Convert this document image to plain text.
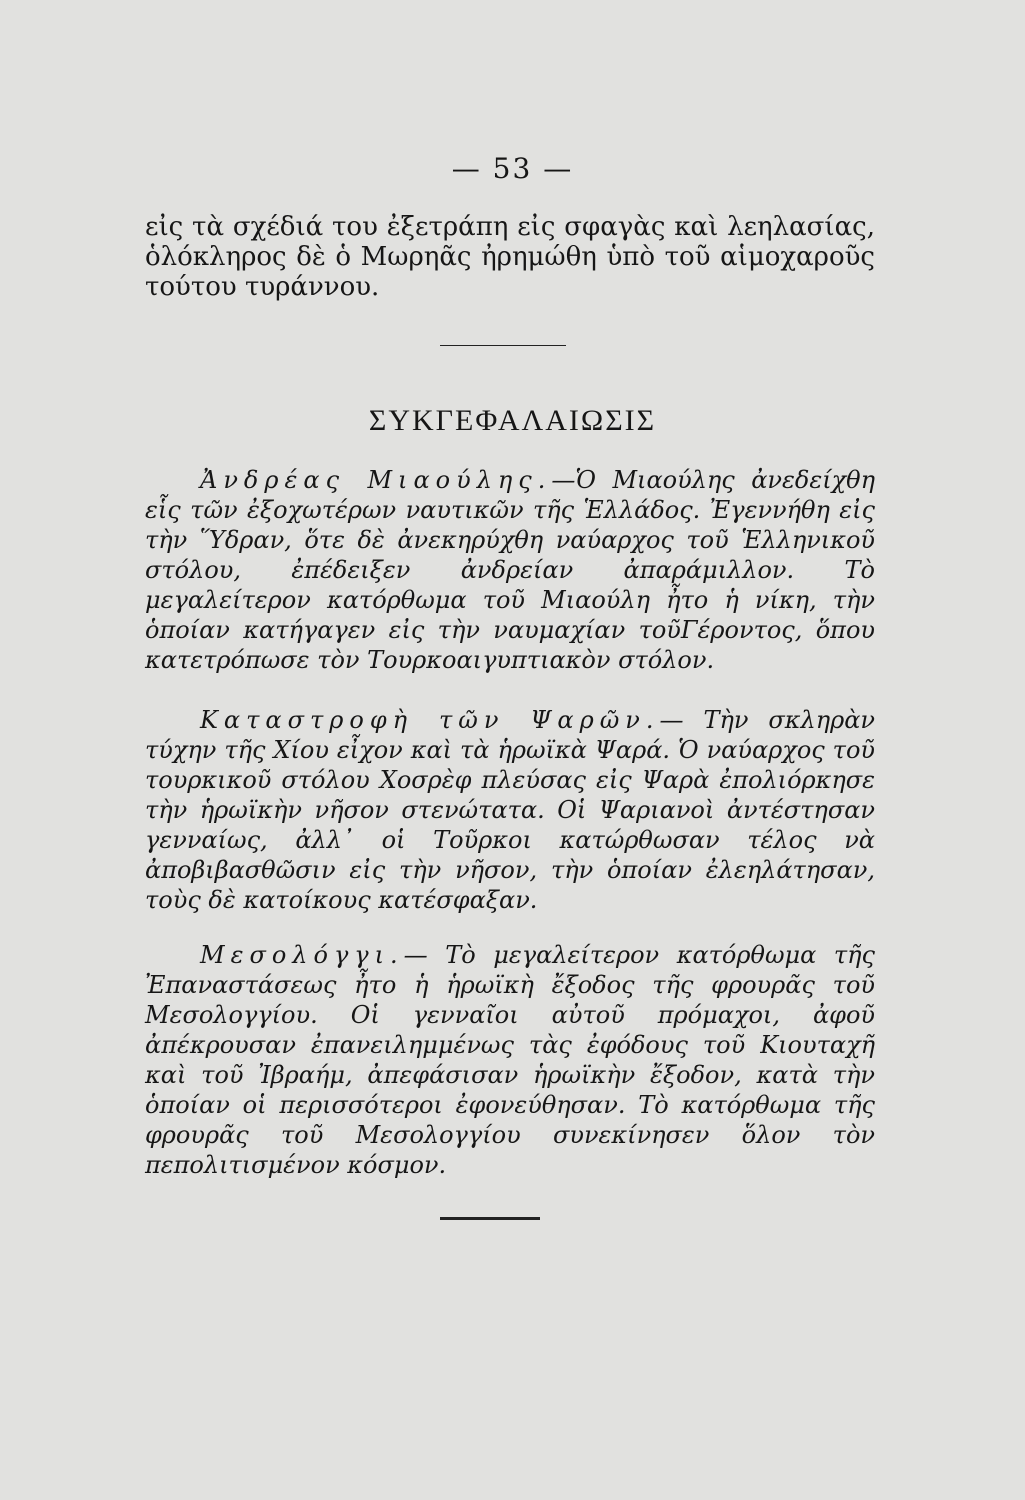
— 53 —

εἰς τὰ σχέδιά του ἐξετράπη εἰς σφαγὰς καὶ λεηλασίας, ὁλόκληρος δὲ ὁ Μωρηᾶς ἠρημώθη ὑπὸ τοῦ αἱμοχαροῦς τούτου τυράννου.

ΣΥΚΓΕΦΑΛΑΙΩΣΙΣ

Ἀνδρέας Μιαούλης.—Ὁ Μιαούλης ἀνεδείχθη εἷς τῶν ἐξοχωτέρων ναυτικῶν τῆς Ἑλλάδος. Ἐγεννήθη εἰς τὴν Ὕδραν, ὅτε δὲ ἀνεκηρύχθη ναύαρχος τοῦ Ἑλληνικοῦ στόλου, ἐπέδειξεν ἀνδρείαν ἀπαράμιλλον. Τὸ μεγαλείτερον κατόρθωμα τοῦ Μιαούλη ἦτο ἡ νίκη, τὴν ὁποίαν κατήγαγεν εἰς τὴν ναυμαχίαν τοῦΓέροντος, ὅπου κατετρόπωσε τὸν Τουρκοαιγυπτιακὸν στόλον.

Καταστροφὴ τῶν Ψαρῶν.— Τὴν σκληρὰν τύχην τῆς Χίου εἶχον καὶ τὰ ἡρωϊκὰ Ψαρά. Ὁ ναύαρχος τοῦ τουρκικοῦ στόλου Χοσρὲφ πλεύσας εἰς Ψαρὰ ἐπολιόρκησε τὴν ἡρωϊκὴν νῆσον στενώτατα. Οἱ Ψαριανοὶ ἀντέστησαν γενναίως, ἀλλ᾽ οἱ Τοῦρκοι κατώρθωσαν τέλος νὰ ἀποβιβασθῶσιν εἰς τὴν νῆσον, τὴν ὁποίαν ἐλεηλάτησαν, τοὺς δὲ κατοίκους κατέσφαξαν.

Μεσολόγγι.— Τὸ μεγαλείτερον κατόρθωμα τῆς Ἐπαναστάσεως ἦτο ἡ ἡρωϊκὴ ἔξοδος τῆς φρουρᾶς τοῦ Μεσολογγίου. Οἱ γενναῖοι αὐτοῦ πρόμαχοι, ἀφοῦ ἀπέκρουσαν ἐπανειλημμένως τὰς ἐφόδους τοῦ Κιουταχῆ καὶ τοῦ Ἰβραήμ, ἀπεφάσισαν ἡρωϊκὴν ἔξοδον, κατὰ τὴν ὁποίαν οἱ περισσότεροι ἐφονεύθησαν. Τὸ κατόρθωμα τῆς φρουρᾶς τοῦ Μεσολογγίου συνεκίνησεν ὅλον τὸν πεπολιτισμένον κόσμον.
